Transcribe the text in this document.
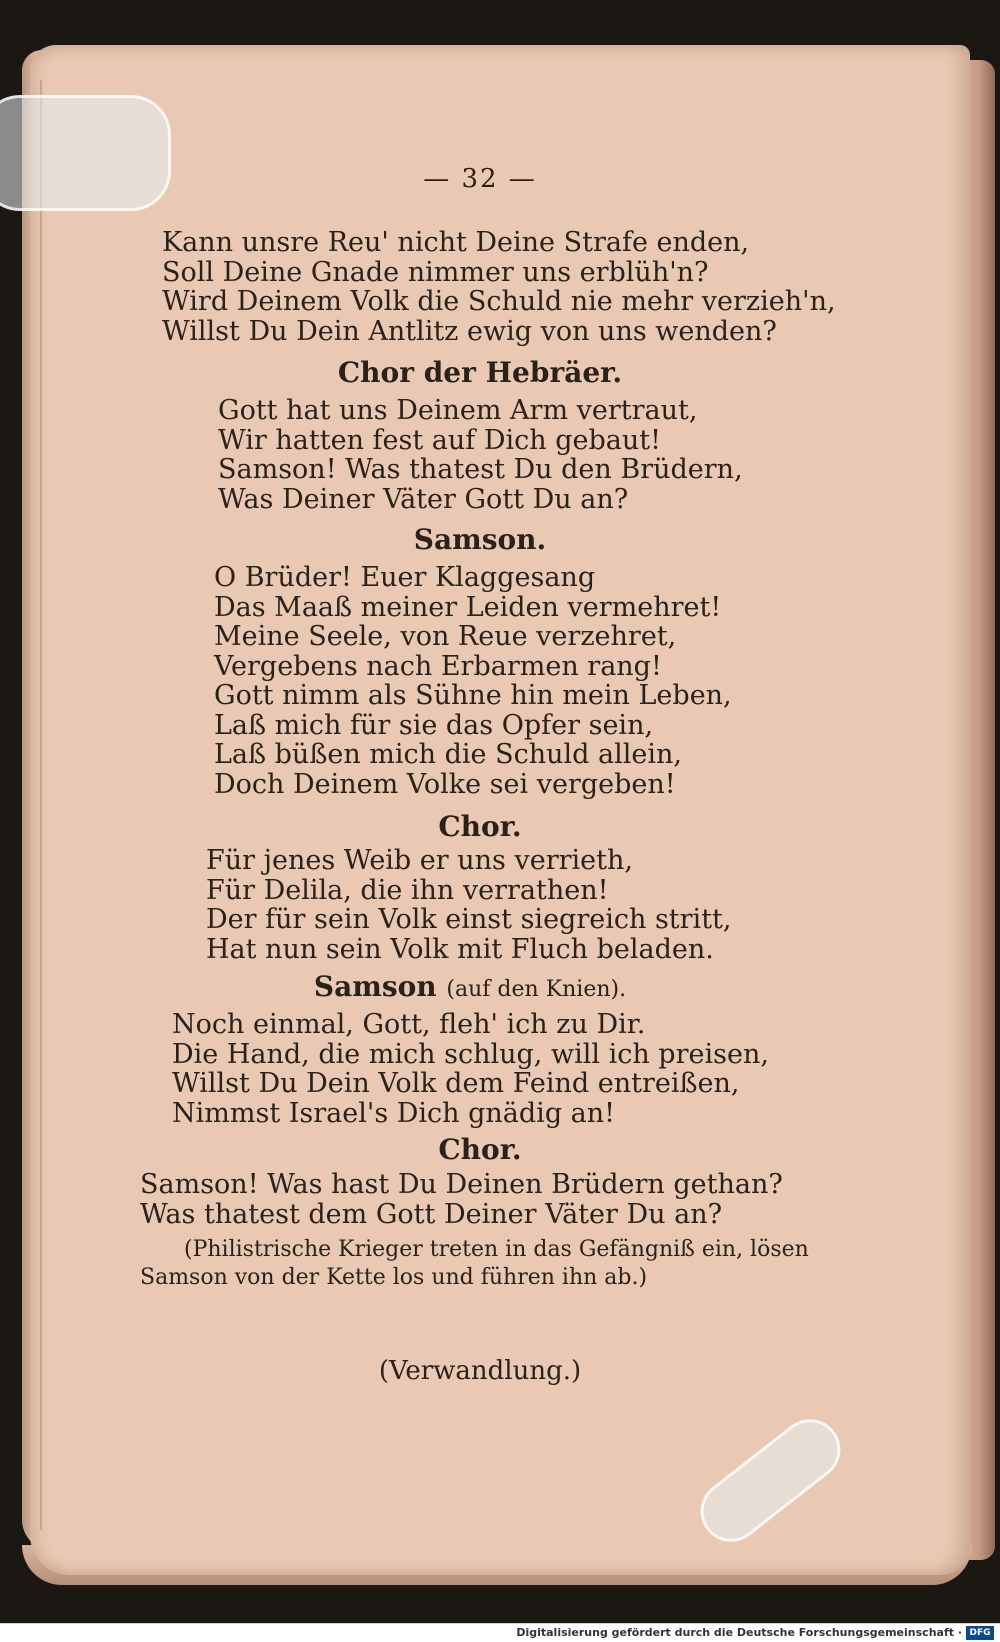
— 32 —
Kann unsre Reu' nicht Deine Strafe enden,
Soll Deine Gnade nimmer uns erblüh'n?
Wird Deinem Volk die Schuld nie mehr verzieh'n,
Willst Du Dein Antlitz ewig von uns wenden?
Chor der Hebräer.
Gott hat uns Deinem Arm vertraut,
Wir hatten fest auf Dich gebaut!
Samson! Was thatest Du den Brüdern,
Was Deiner Väter Gott Du an?
Samson.
O Brüder! Euer Klaggesang
Das Maaß meiner Leiden vermehret!
Meine Seele, von Reue verzehret,
Vergebens nach Erbarmen rang!
Gott nimm als Sühne hin mein Leben,
Laß mich für sie das Opfer sein,
Laß büßen mich die Schuld allein,
Doch Deinem Volke sei vergeben!
Chor.
Für jenes Weib er uns verrieth,
Für Delila, die ihn verrathen!
Der für sein Volk einst siegreich stritt,
Hat nun sein Volk mit Fluch beladen.
Samson (auf den Knien).
Noch einmal, Gott, fleh' ich zu Dir.
Die Hand, die mich schlug, will ich preisen,
Willst Du Dein Volk dem Feind entreißen,
Nimmst Israel's Dich gnädig an!
Chor.
Samson! Was hast Du Deinen Brüdern gethan?
Was thatest dem Gott Deiner Väter Du an?
(Philistrische Krieger treten in das Gefängniß ein, lösen
Samson von der Kette los und führen ihn ab.)
(Verwandlung.)
Digitalisierung gefördert durch die Deutsche Forschungsgemeinschaft · DFG
